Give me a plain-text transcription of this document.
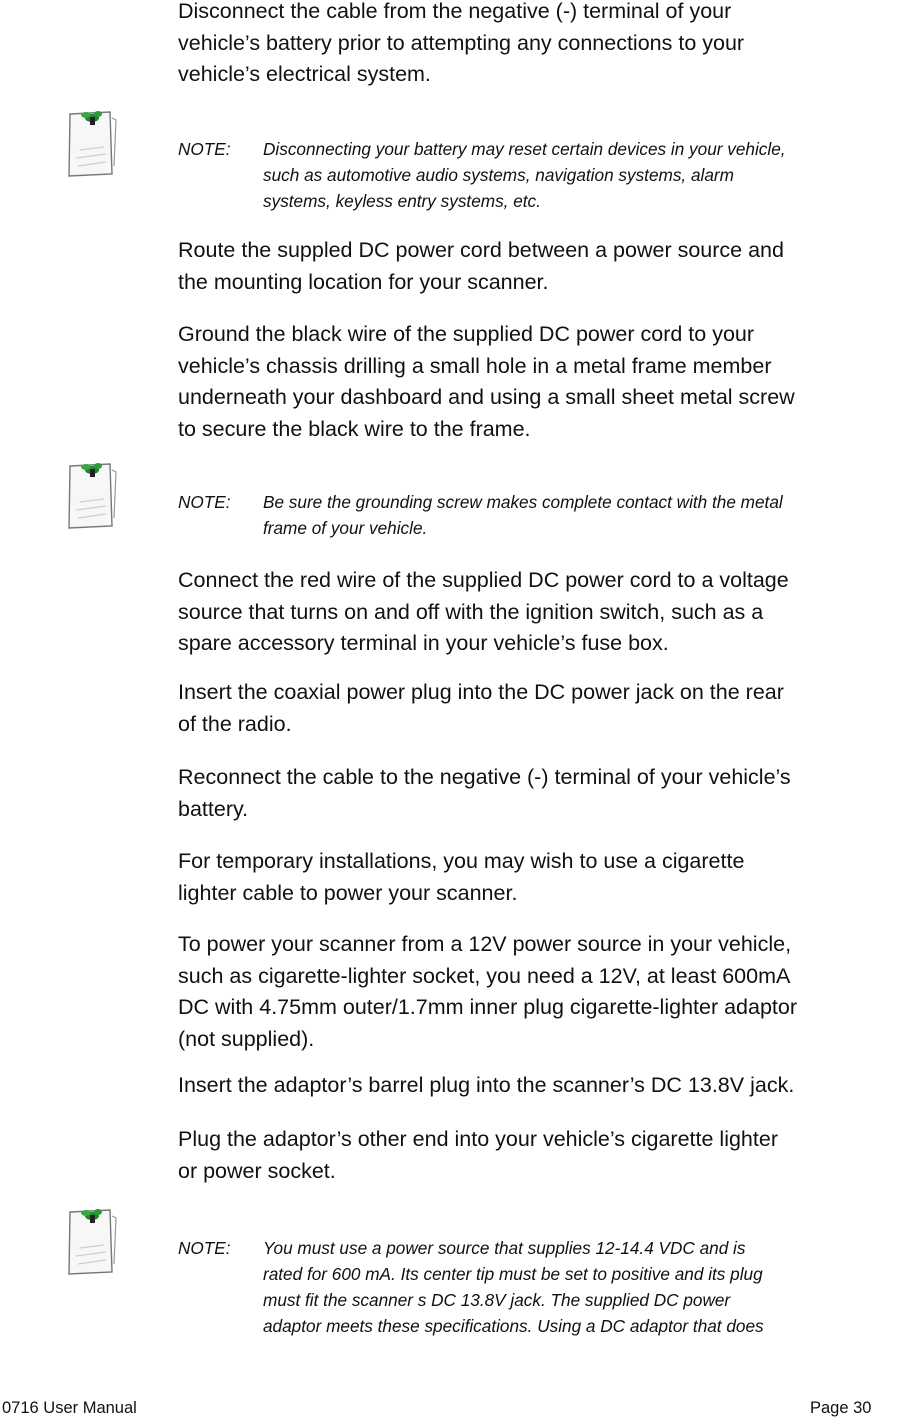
Disconnect the cable from the negative (-) terminal of your
vehicle’s battery prior to attempting any connections to your
vehicle’s electrical system.
NOTE: Disconnecting your battery may reset certain devices in your vehicle,
such as automotive audio systems, navigation systems, alarm
systems, keyless entry systems, etc.
Route the suppled DC power cord between a power source and
the mounting location for your scanner.
Ground the black wire of the supplied DC power cord to your
vehicle’s chassis drilling a small hole in a metal frame member
underneath your dashboard and using a small sheet metal screw
to secure the black wire to the frame.
NOTE: Be sure the grounding screw makes complete contact with the metal
frame of your vehicle.
Connect the red wire of the supplied DC power cord to a voltage
source that turns on and off with the ignition switch, such as a
spare accessory terminal in your vehicle’s fuse box.
Insert the coaxial power plug into the DC power jack on the rear
of the radio.
Reconnect the cable to the negative (-) terminal of your vehicle’s
battery.
For temporary installations, you may wish to use a cigarette
lighter cable to power your scanner.
To power your scanner from a 12V power source in your vehicle,
such as cigarette-lighter socket, you need a 12V, at least 600mA
DC with 4.75mm outer/1.7mm inner plug cigarette-lighter adaptor
(not supplied).
Insert the adaptor’s barrel plug into the scanner’s DC 13.8V jack.
Plug the adaptor’s other end into your vehicle’s cigarette lighter
or power socket.
NOTE: You must use a power source that supplies 12-14.4 VDC and is
rated for 600 mA. Its center tip must be set to positive and its plug
must fit the scanner s DC 13.8V jack. The supplied DC power
adaptor meets these specifications. Using a DC adaptor that does
0716 User Manual	Page 30
